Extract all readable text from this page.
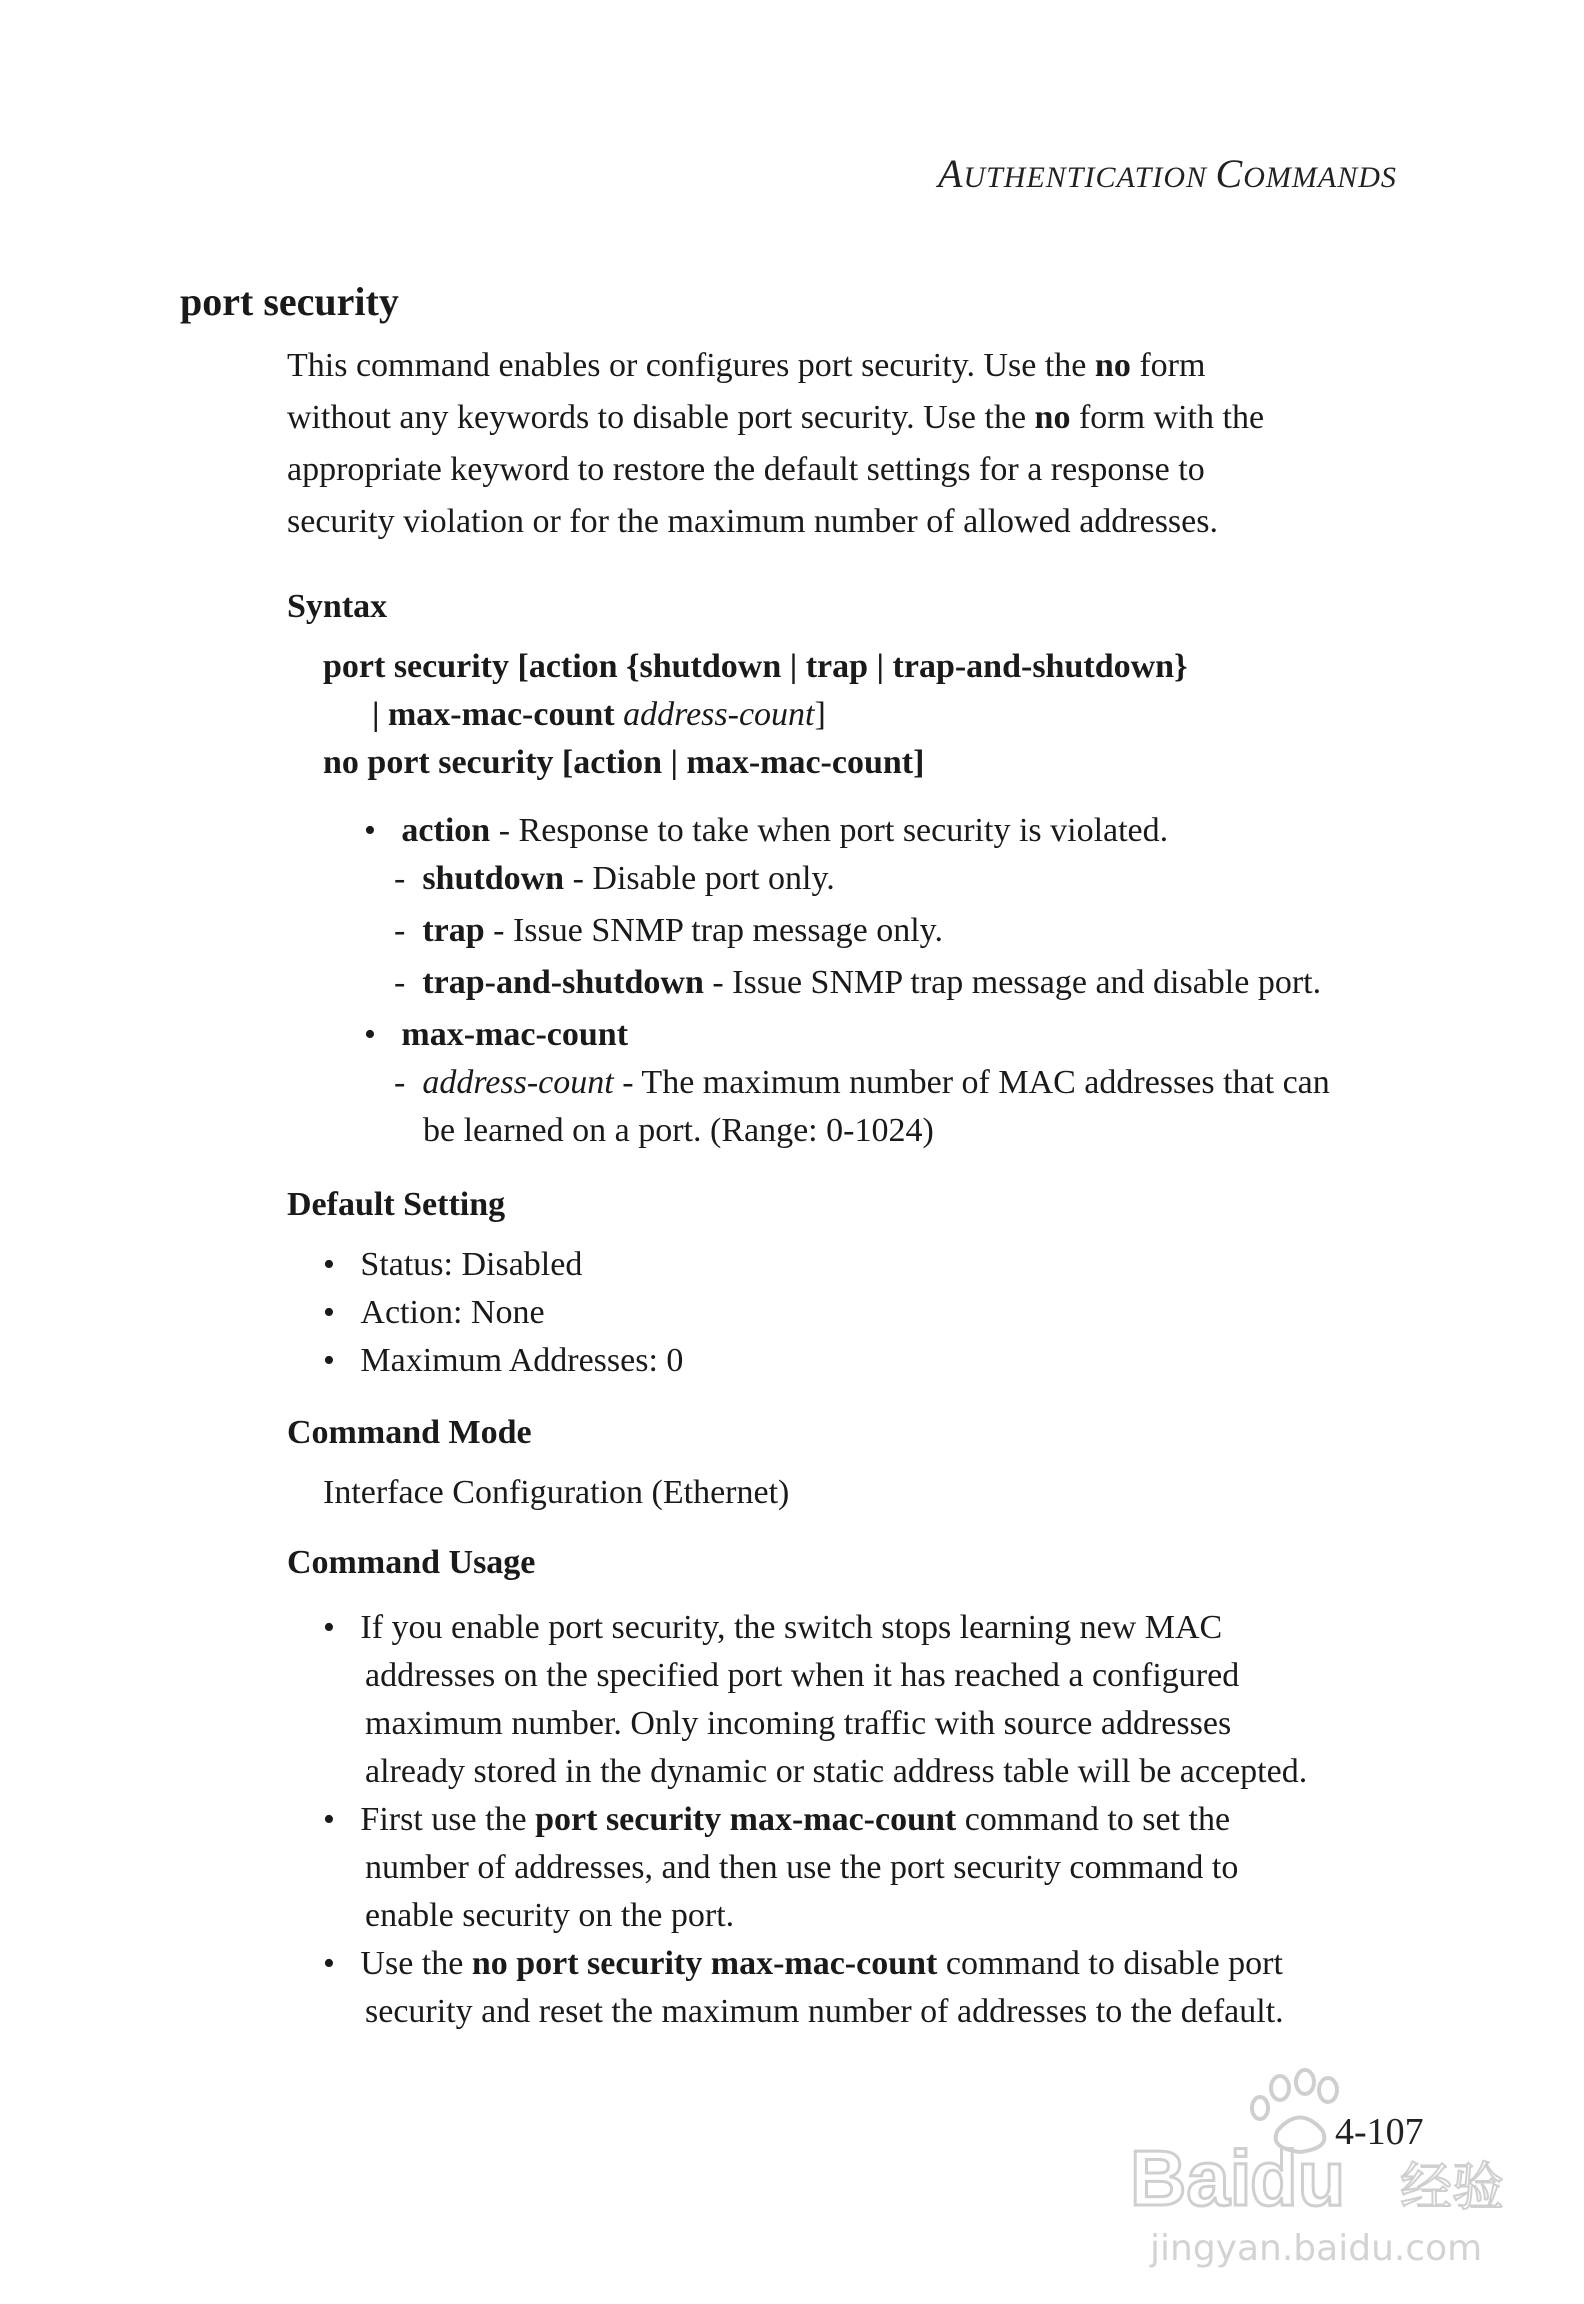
AUTHENTICATION COMMANDS
port security
This command enables or configures port security. Use the no form
without any keywords to disable port security. Use the no form with the
appropriate keyword to restore the default settings for a response to
security violation or for the maximum number of allowed addresses.
Syntax
port security [action {shutdown | trap | trap-and-shutdown}
| max-mac-count address-count]
no port security [action | max-mac-count]
•   action - Response to take when port security is violated.
-  shutdown - Disable port only.
-  trap - Issue SNMP trap message only.
-  trap-and-shutdown - Issue SNMP trap message and disable port.
•   max-mac-count
-  address-count - The maximum number of MAC addresses that can
be learned on a port. (Range: 0-1024)
Default Setting
•   Status: Disabled
•   Action: None
•   Maximum Addresses: 0
Command Mode
Interface Configuration (Ethernet)
Command Usage
•   If you enable port security, the switch stops learning new MAC
addresses on the specified port when it has reached a configured
maximum number. Only incoming traffic with source addresses
already stored in the dynamic or static address table will be accepted.
•   First use the port security max-mac-count command to set the
number of addresses, and then use the port security command to
enable security on the port.
•   Use the no port security max-mac-count command to disable port
security and reset the maximum number of addresses to the default.
Bai
du 经验
jingyan.baidu.com
4-107
